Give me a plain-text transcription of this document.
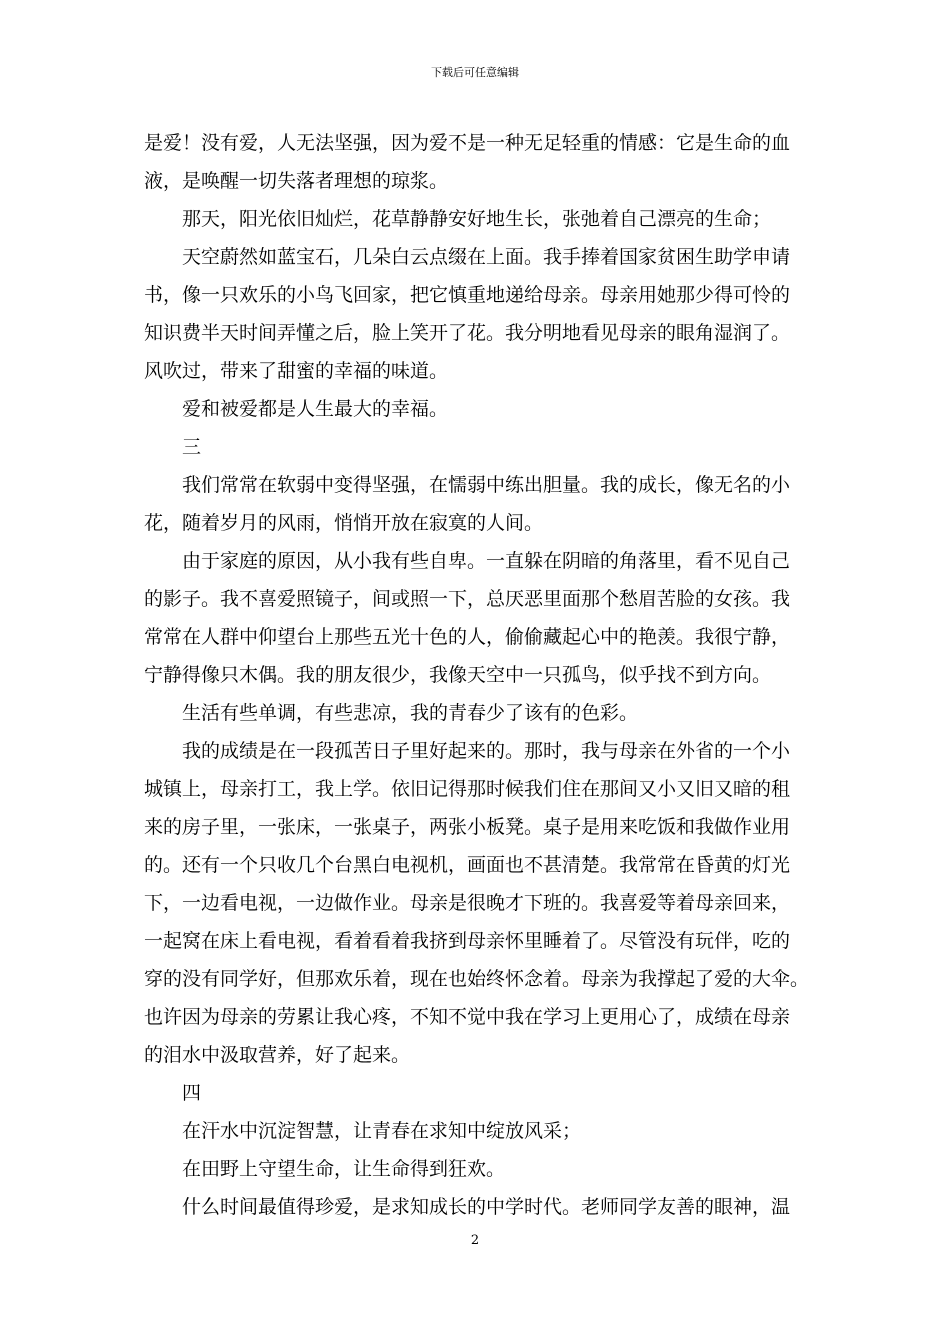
下载后可任意编辑
是爱！没有爱，人无法坚强，因为爱不是一种无足轻重的情感：它是生命的血
液，是唤醒一切失落者理想的琼浆。
那天，阳光依旧灿烂，花草静静安好地生长，张弛着自己漂亮的生命；
天空蔚然如蓝宝石，几朵白云点缀在上面。我手捧着国家贫困生助学申请
书，像一只欢乐的小鸟飞回家，把它慎重地递给母亲。母亲用她那少得可怜的
知识费半天时间弄懂之后，脸上笑开了花。我分明地看见母亲的眼角湿润了。
风吹过，带来了甜蜜的幸福的味道。
爱和被爱都是人生最大的幸福。
三
我们常常在软弱中变得坚强，在懦弱中练出胆量。我的成长，像无名的小
花，随着岁月的风雨，悄悄开放在寂寞的人间。
由于家庭的原因，从小我有些自卑。一直躲在阴暗的角落里，看不见自己
的影子。我不喜爱照镜子，间或照一下，总厌恶里面那个愁眉苦脸的女孩。我
常常在人群中仰望台上那些五光十色的人，偷偷藏起心中的艳羡。我很宁静，
宁静得像只木偶。我的朋友很少，我像天空中一只孤鸟，似乎找不到方向。
生活有些单调，有些悲凉，我的青春少了该有的色彩。
我的成绩是在一段孤苦日子里好起来的。那时，我与母亲在外省的一个小
城镇上，母亲打工，我上学。依旧记得那时候我们住在那间又小又旧又暗的租
来的房子里，一张床，一张桌子，两张小板凳。桌子是用来吃饭和我做作业用
的。还有一个只收几个台黑白电视机，画面也不甚清楚。我常常在昏黄的灯光
下，一边看电视，一边做作业。母亲是很晚才下班的。我喜爱等着母亲回来，
一起窝在床上看电视，看着看着我挤到母亲怀里睡着了。尽管没有玩伴，吃的
穿的没有同学好，但那欢乐着，现在也始终怀念着。母亲为我撑起了爱的大伞。
也许因为母亲的劳累让我心疼，不知不觉中我在学习上更用心了，成绩在母亲
的泪水中汲取营养，好了起来。
四
在汗水中沉淀智慧，让青春在求知中绽放风采；
在田野上守望生命，让生命得到狂欢。
什么时间最值得珍爱，是求知成长的中学时代。老师同学友善的眼神，温
2
